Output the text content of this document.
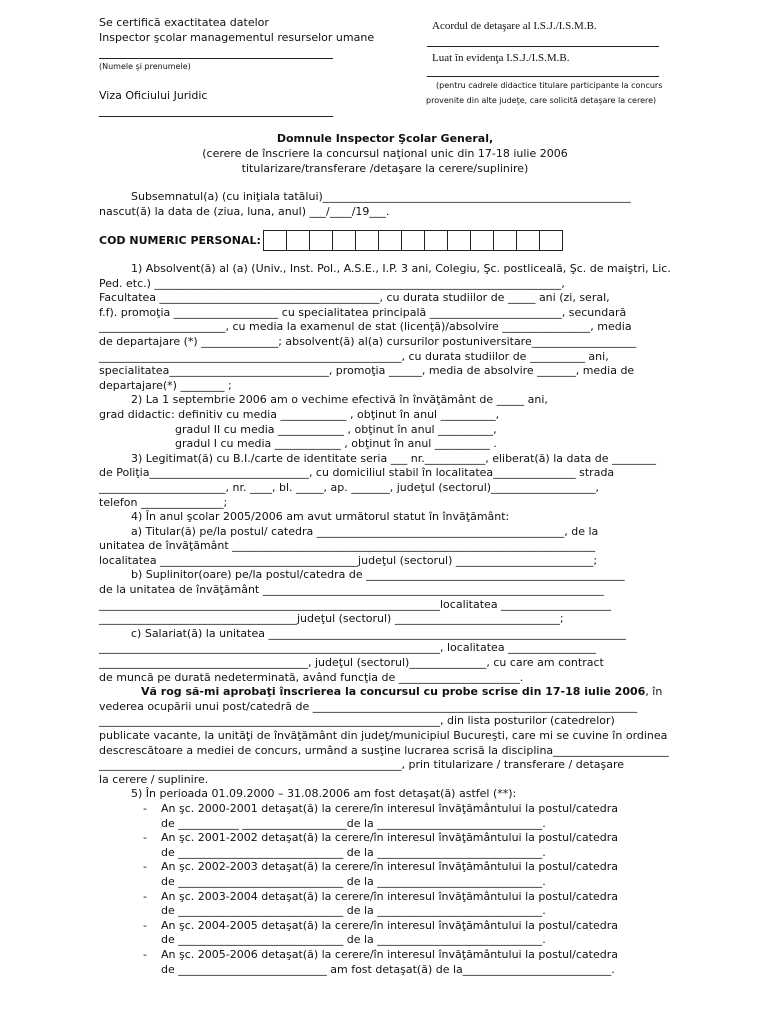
Se certifică exactitatea datelor
Inspector şcolar managementul resurselor umane
(Numele şi prenumele)
Viza Oficiului Juridic
Acordul de detaşare al I.S.J./I.S.M.B.
Luat în evidenţa I.S.J./I.S.M.B.
(pentru cadrele didactice titulare participante la concurs
provenite din alte judeţe, care solicită detaşare la cerere)
Domnule Inspector Şcolar General,
(cerere de înscriere la concursul naţional unic din 17-18 iulie 2006
titularizare/transferare /detaşare la cerere/suplinire)
Subsemnatul(a) (cu iniţiala tatălui)________________________________________________________
nascut(ă) la data de (ziua, luna, anul) ___/____/19___.
COD NUMERIC PERSONAL:
1) Absolvent(ă) al (a) (Univ., Inst. Pol., A.S.E., I.P. 3 ani, Colegiu, Şc. postliceală, Şc. de maiştri, Lic.
Ped. etc.) __________________________________________________________________________,
Facultatea ________________________________________, cu durata studiilor de _____ ani (zi, seral,
f.f). promoţia ___________________ cu specialitatea principală ________________________, secundară
_______________________, cu media la examenul de stat (licenţă)/absolvire ________________, media
de departajare (*) ______________; absolvent(ă) al(a) cursurilor postuniversitare___________________
_______________________________________________________, cu durata studiilor de __________ ani,
specialitatea_____________________________, promoţia ______, media de absolvire _______, media de
departajare(*) ________ ;
2) La 1 septembrie 2006 am o vechime efectivă în învăţământ de _____ ani,
grad didactic: definitiv cu media ____________ , obţinut în anul __________,
gradul II cu media ____________ , obţinut în anul __________,
gradul I cu media ____________ , obţinut în anul __________ .
3) Legitimat(ă) cu B.I./carte de identitate seria ___ nr.___________, eliberat(ă) la data de ________
de Poliţia_____________________________, cu domiciliul stabil în localitatea_______________ strada
_______________________, nr. ____, bl. _____, ap. _______, judeţul (sectorul)___________________,
telefon _______________;
4) În anul şcolar 2005/2006 am avut următorul statut în învăţământ:
a) Titular(ă) pe/la postul/ catedra _____________________________________________, de la
unitatea de învăţământ __________________________________________________________________
localitatea ____________________________________judeţul (sectorul) _________________________;
b) Suplinitor(oare) pe/la postul/catedra de _______________________________________________
de la unitatea de învăţământ ______________________________________________________________
______________________________________________________________localitatea ____________________
____________________________________judeţul (sectorul) ______________________________;
c) Salariat(ă) la unitatea _________________________________________________________________
______________________________________________________________, localitatea ________________
______________________________________, judeţul (sectorul)______________, cu care am contract
de muncă pe durată nedeterminată, având funcţia de ______________________.
Vă rog să-mi aprobaţi înscrierea la concursul cu probe scrise din 17-18 iulie 2006, în
vederea ocupării unui post/catedră de ___________________________________________________________
______________________________________________________________, din lista posturilor (catedrelor)
publicate vacante, la unităţi de învăţământ din judeţ/municipiul Bucureşti, care mi se cuvine în ordinea
descrescătoare a mediei de concurs, urmând a susţine lucrarea scrisă la disciplina_____________________
_______________________________________________________, prin titularizare / transferare / detaşare
la cerere / suplinire.
5) În perioada 01.09.2000 – 31.08.2006 am fost detaşat(ă) astfel (**):
- An şc. 2000-2001 detaşat(ă) la cerere/în interesul învăţământului la postul/catedra
de ___________ ___________________de la ______________________________.
- An şc. 2001-2002 detaşat(ă) la cerere/în interesul învăţământului la postul/catedra
de ______________________________ de la ______________________________.
- An şc. 2002-2003 detaşat(ă) la cerere/în interesul învăţământului la postul/catedra
de ______________________________ de la ______________________________.
- An şc. 2003-2004 detaşat(ă) la cerere/în interesul învăţământului la postul/catedra
de ______________________________ de la ______________________________.
- An şc. 2004-2005 detaşat(ă) la cerere/în interesul învăţământului la postul/catedra
de ______________________________ de la ______________________________.
- An şc. 2005-2006 detaşat(ă) la cerere/în interesul învăţământului la postul/catedra
de ___________________________ am fost detaşat(ă) de la___________________________.
